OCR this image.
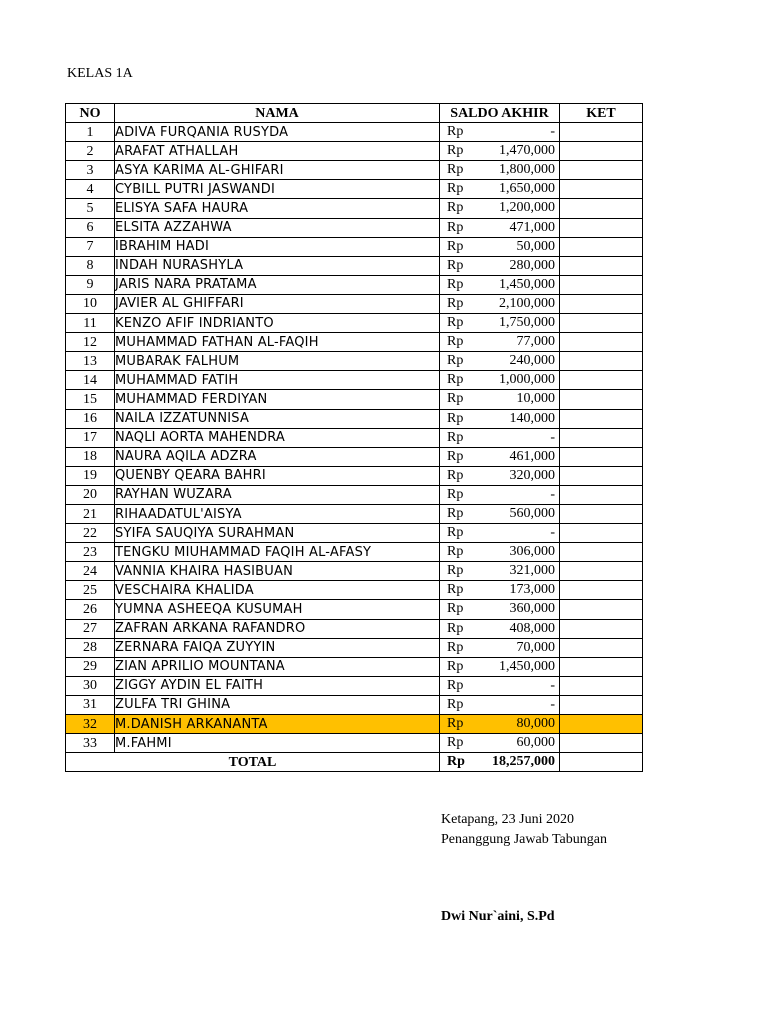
KELAS 1A
NO	NAMA	SALDO AKHIR	KET
1	ADIVA FURQANIA RUSYDA	Rp -	

2	ARAFAT ATHALLAH	Rp 1,470,000	

3	ASYA KARIMA AL-GHIFARI	Rp 1,800,000	

4	CYBILL PUTRI JASWANDI	Rp 1,650,000	

5	ELISYA SAFA HAURA	Rp 1,200,000	

6	ELSITA AZZAHWA	Rp 471,000	

7	IBRAHIM HADI	Rp 50,000	

8	INDAH NURASHYLA	Rp 280,000	

9	JARIS NARA PRATAMA	Rp 1,450,000	

10	JAVIER AL GHIFFARI	Rp 2,100,000	

11	KENZO AFIF INDRIANTO	Rp 1,750,000	

12	MUHAMMAD FATHAN AL-FAQIH	Rp 77,000	

13	MUBARAK FALHUM	Rp 240,000	

14	MUHAMMAD FATIH	Rp 1,000,000	

15	MUHAMMAD FERDIYAN	Rp 10,000	

16	NAILA IZZATUNNISA	Rp 140,000	

17	NAQLI AORTA MAHENDRA	Rp -	

18	NAURA AQILA ADZRA	Rp 461,000	

19	QUENBY QEARA BAHRI	Rp 320,000	

20	RAYHAN WUZARA	Rp -	

21	RIHAADATUL'AISYA	Rp 560,000	

22	SYIFA SAUQIYA SURAHMAN	Rp -	

23	TENGKU MIUHAMMAD FAQIH AL-AFASY	Rp 306,000	

24	VANNIA KHAIRA HASIBUAN	Rp 321,000	

25	VESCHAIRA KHALIDA	Rp 173,000	

26	YUMNA ASHEEQA KUSUMAH	Rp 360,000	

27	ZAFRAN ARKANA RAFANDRO	Rp 408,000	

28	ZERNARA FAIQA ZUYYIN	Rp 70,000	

29	ZIAN APRILIO MOUNTANA	Rp 1,450,000	

30	ZIGGY AYDIN EL FAITH	Rp -	

31	ZULFA TRI GHINA	Rp -	

32	M.DANISH ARKANANTA	Rp 80,000	

33	M.FAHMI	Rp 60,000	

TOTAL		Rp 18,257,000	

Ketapang, 23 Juni 2020
Penanggung Jawab Tabungan
Dwi Nur`aini, S.Pd
